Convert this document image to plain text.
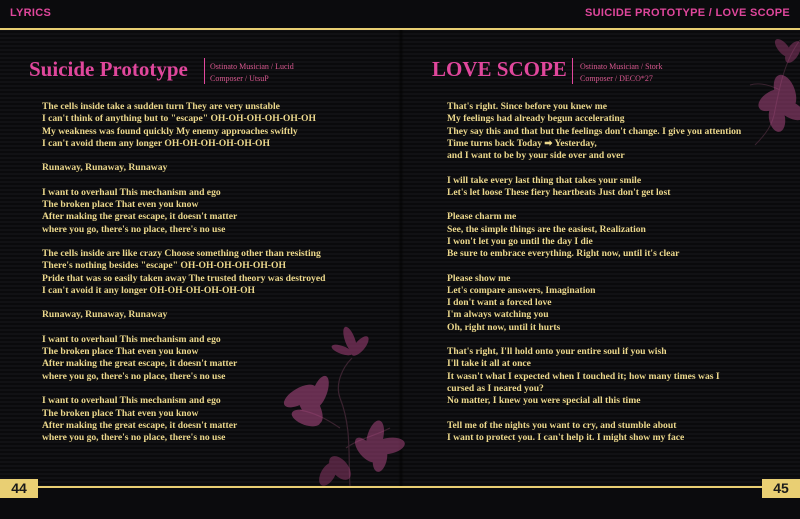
LYRICS	SUICIDE PROTOTYPE / LOVE SCOPE
Suicide Prototype	Ostinato Musician / Lucid
Composer / UtsuP
The cells inside take a sudden turn They are very unstable
I can't think of anything but to "escape" OH-OH-OH-OH-OH-OH
My weakness was found quickly My enemy approaches swiftly
I can't avoid them any longer OH-OH-OH-OH-OH-OH
Runaway, Runaway, Runaway
I want to overhaul This mechanism and ego
The broken place That even you know
After making the great escape, it doesn't matter
where you go, there's no place, there's no use
The cells inside are like crazy Choose something other than resisting
There's nothing besides "escape" OH-OH-OH-OH-OH-OH
Pride that was so easily taken away The trusted theory was destroyed
I can't avoid it any longer OH-OH-OH-OH-OH-OH
Runaway, Runaway, Runaway
I want to overhaul This mechanism and ego
The broken place That even you know
After making the great escape, it doesn't matter
where you go, there's no place, there's no use
I want to overhaul This mechanism and ego
The broken place That even you know
After making the great escape, it doesn't matter
where you go, there's no place, there's no use
LOVE SCOPE Ostinato Musician / Stork
Composer / DECO*27
That's right. Since before you knew me
My feelings had already begun accelerating
They say this and that but the feelings don't change. I give you attention
Time turns back Today ➡ Yesterday,
and I want to be by your side over and over
I will take every last thing that takes your smile
Let's let loose These fiery heartbeats Just don't get lost
Please charm me
See, the simple things are the easiest, Realization
I won't let you go until the day I die
Be sure to embrace everything. Right now, until it's clear
Please show me
Let's compare answers, Imagination
I don't want a forced love
I'm always watching you
Oh, right now, until it hurts
That's right, I'll hold onto your entire soul if you wish
I'll take it all at once
It wasn't what I expected when I touched it; how many times was I
cursed as I neared you?
No matter, I knew you were special all this time
Tell me of the nights you want to cry, and stumble about
I want to protect you. I can't help it. I might show my face
44	45
